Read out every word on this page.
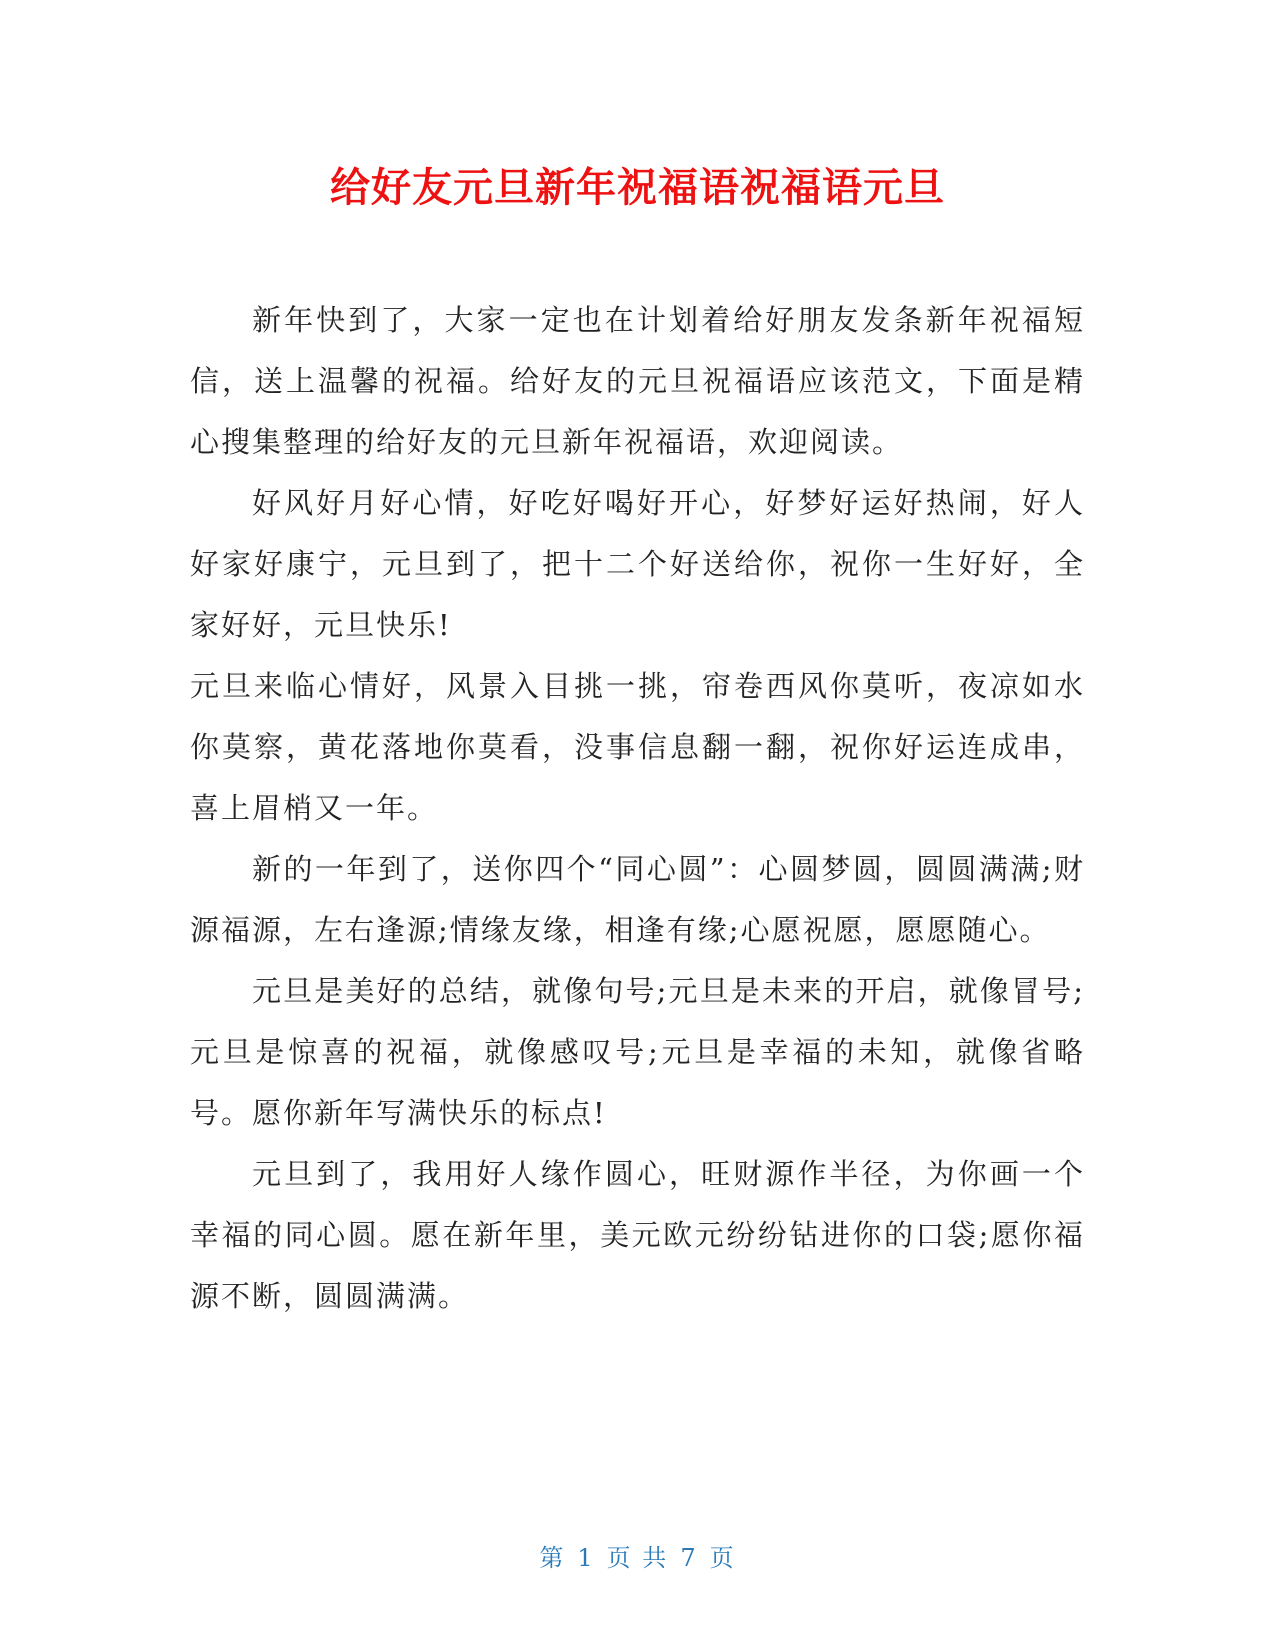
给好友元旦新年祝福语祝福语元旦

新年快到了，大家一定也在计划着给好朋友发条新年祝福短信，送上温馨的祝福。给好友的元旦祝福语应该范文，下面是精心搜集整理的给好友的元旦新年祝福语，欢迎阅读。

好风好月好心情，好吃好喝好开心，好梦好运好热闹，好人好家好康宁，元旦到了，把十二个好送给你，祝你一生好好，全家好好，元旦快乐!

元旦来临心情好，风景入目挑一挑，帘卷西风你莫听，夜凉如水你莫察，黄花落地你莫看，没事信息翻一翻，祝你好运连成串，喜上眉梢又一年。

新的一年到了，送你四个“同心圆”：心圆梦圆，圆圆满满;财源福源，左右逢源;情缘友缘，相逢有缘;心愿祝愿，愿愿随心。

元旦是美好的总结，就像句号;元旦是未来的开启，就像冒号;元旦是惊喜的祝福，就像感叹号;元旦是幸福的未知，就像省略号。愿你新年写满快乐的标点!

元旦到了，我用好人缘作圆心，旺财源作半径，为你画一个幸福的同心圆。愿在新年里，美元欧元纷纷钻进你的口袋;愿你福源不断，圆圆满满。

第 1 页 共 7 页
